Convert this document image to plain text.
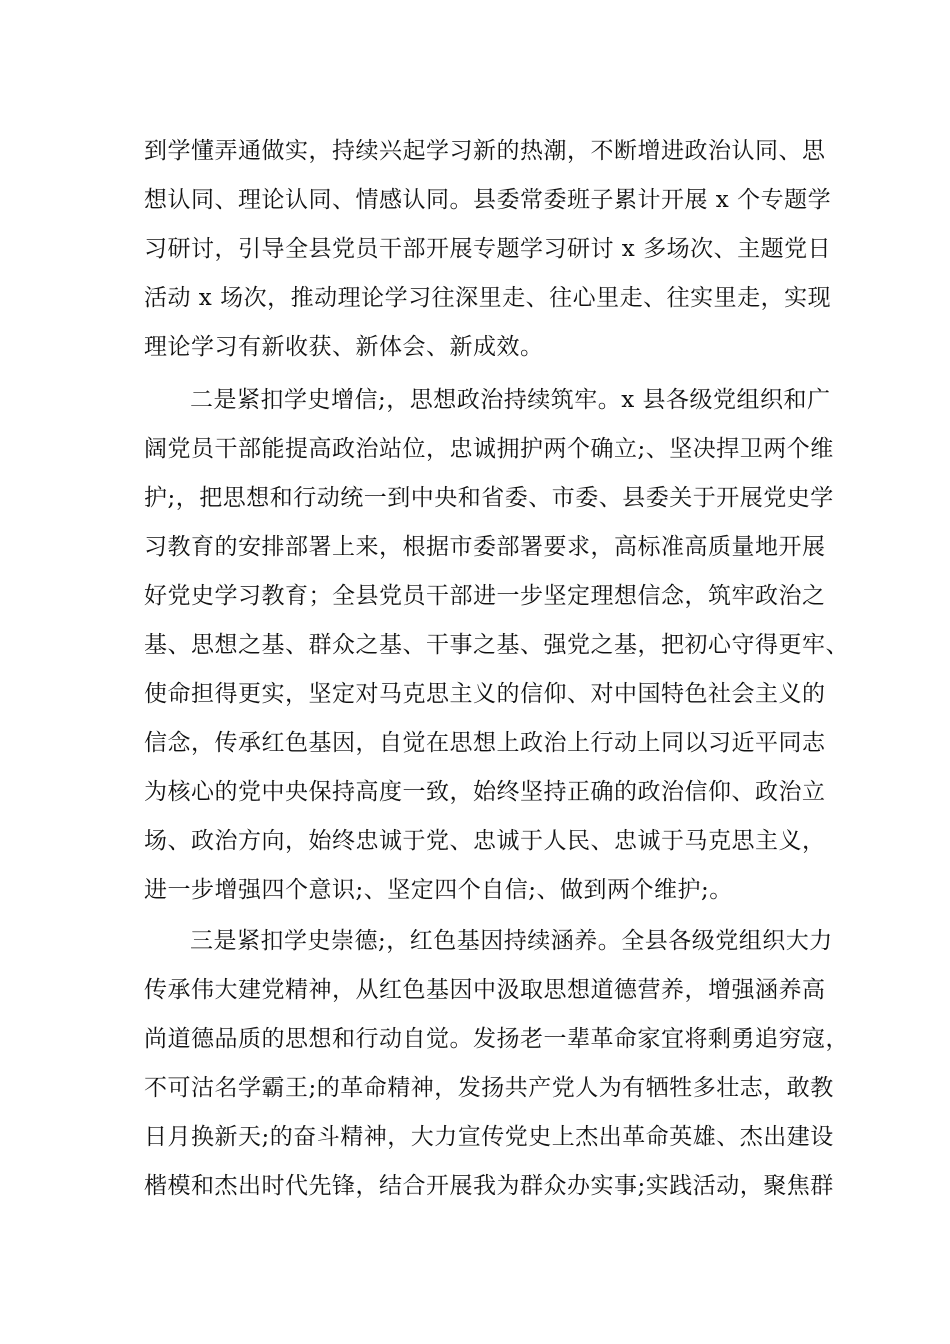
到学懂弄通做实，持续兴起学习新的热潮，不断增进政治认同、思
想认同、理论认同、情感认同。县委常委班子累计开展 x 个专题学
习研讨，引导全县党员干部开展专题学习研讨 x 多场次、主题党日
活动 x 场次，推动理论学习往深里走、往心里走、往实里走，实现
理论学习有新收获、新体会、新成效。
二是紧扣学史增信;，思想政治持续筑牢。x 县各级党组织和广
阔党员干部能提高政治站位，忠诚拥护两个确立;、坚决捍卫两个维
护;，把思想和行动统一到中央和省委、市委、县委关于开展党史学
习教育的安排部署上来，根据市委部署要求，高标准高质量地开展
好党史学习教育；全县党员干部进一步坚定理想信念，筑牢政治之
基、思想之基、群众之基、干事之基、强党之基，把初心守得更牢、
使命担得更实，坚定对马克思主义的信仰、对中国特色社会主义的
信念，传承红色基因，自觉在思想上政治上行动上同以习近平同志
为核心的党中央保持高度一致，始终坚持正确的政治信仰、政治立
场、政治方向，始终忠诚于党、忠诚于人民、忠诚于马克思主义，
进一步增强四个意识;、坚定四个自信;、做到两个维护;。
三是紧扣学史崇德;，红色基因持续涵养。全县各级党组织大力
传承伟大建党精神，从红色基因中汲取思想道德营养，增强涵养高
尚道德品质的思想和行动自觉。发扬老一辈革命家宜将剩勇追穷寇，
不可沽名学霸王;的革命精神，发扬共产党人为有牺牲多壮志，敢教
日月换新天;的奋斗精神，大力宣传党史上杰出革命英雄、杰出建设
楷模和杰出时代先锋，结合开展我为群众办实事;实践活动，聚焦群
